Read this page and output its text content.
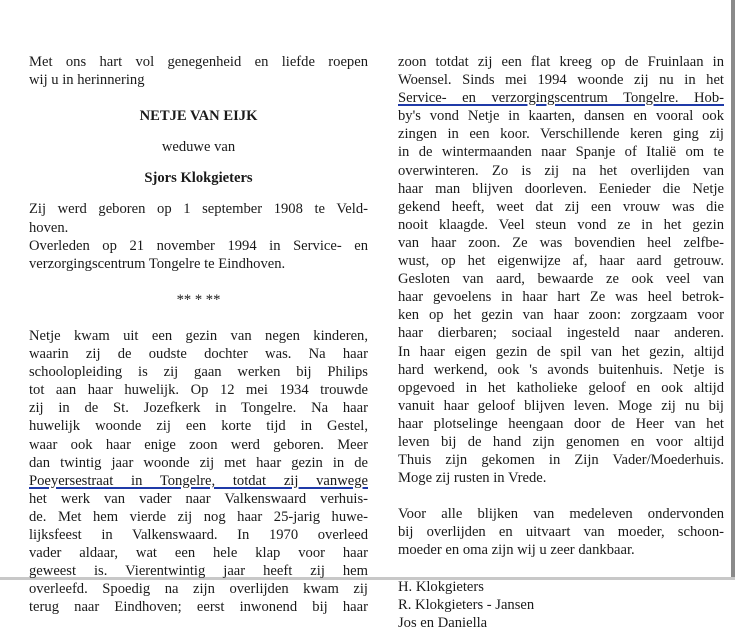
Met ons hart vol genegenheid en liefde roepen
wij u in herinnering
NETJE VAN EIJK
weduwe van
Sjors Klokgieters
Zij werd geboren op 1 september 1908 te Veld-
hoven.
Overleden op 21 november 1994 in Service- en
verzorgingscentrum Tongelre te Eindhoven.
** * **
Netje kwam uit een gezin van negen kinderen,
waarin zij de oudste dochter was. Na haar
schoolopleiding is zij gaan werken bij Philips
tot aan haar huwelijk. Op 12 mei 1934 trouwde
zij in de St. Jozefkerk in Tongelre. Na haar
huwelijk woonde zij een korte tijd in Gestel,
waar ook haar enige zoon werd geboren. Meer
dan twintig jaar woonde zij met haar gezin in de
Poeyersestraat in Tongelre, totdat zij vanwege
het werk van vader naar Valkenswaard verhuis-
de. Met hem vierde zij nog haar 25-jarig huwe-
lijksfeest in Valkenswaard. In 1970 overleed
vader aldaar, wat een hele klap voor haar
geweest is. Vierentwintig jaar heeft zij hem
overleefd. Spoedig na zijn overlijden kwam zij
terug naar Eindhoven; eerst inwonend bij haar
zoon totdat zij een flat kreeg op de Fruinlaan in
Woensel. Sinds mei 1994 woonde zij nu in het
Service- en verzorgingscentrum Tongelre. Hob-
by's vond Netje in kaarten, dansen en vooral ook
zingen in een koor. Verschillende keren ging zij
in de wintermaanden naar Spanje of Italië om te
overwinteren. Zo is zij na het overlijden van
haar man blijven doorleven. Eenieder die Netje
gekend heeft, weet dat zij een vrouw was die
nooit klaagde. Veel steun vond ze in het gezin
van haar zoon. Ze was bovendien heel zelfbe-
wust, op het eigenwijze af, haar aard getrouw.
Gesloten van aard, bewaarde ze ook veel van
haar gevoelens in haar hart Ze was heel betrok-
ken op het gezin van haar zoon: zorgzaam voor
haar dierbaren; sociaal ingesteld naar anderen.
In haar eigen gezin de spil van het gezin, altijd
hard werkend, ook 's avonds buitenhuis. Netje is
opgevoed in het katholieke geloof en ook altijd
vanuit haar geloof blijven leven. Moge zij nu bij
haar plotselinge heengaan door de Heer van het
leven bij de hand zijn genomen en voor altijd
Thuis zijn gekomen in Zijn Vader/Moederhuis.
Moge zij rusten in Vrede.
Voor alle blijken van medeleven ondervonden
bij overlijden en uitvaart van moeder, schoon-
moeder en oma zijn wij u zeer dankbaar.
H. Klokgieters
R. Klokgieters - Jansen
Jos en Daniella
